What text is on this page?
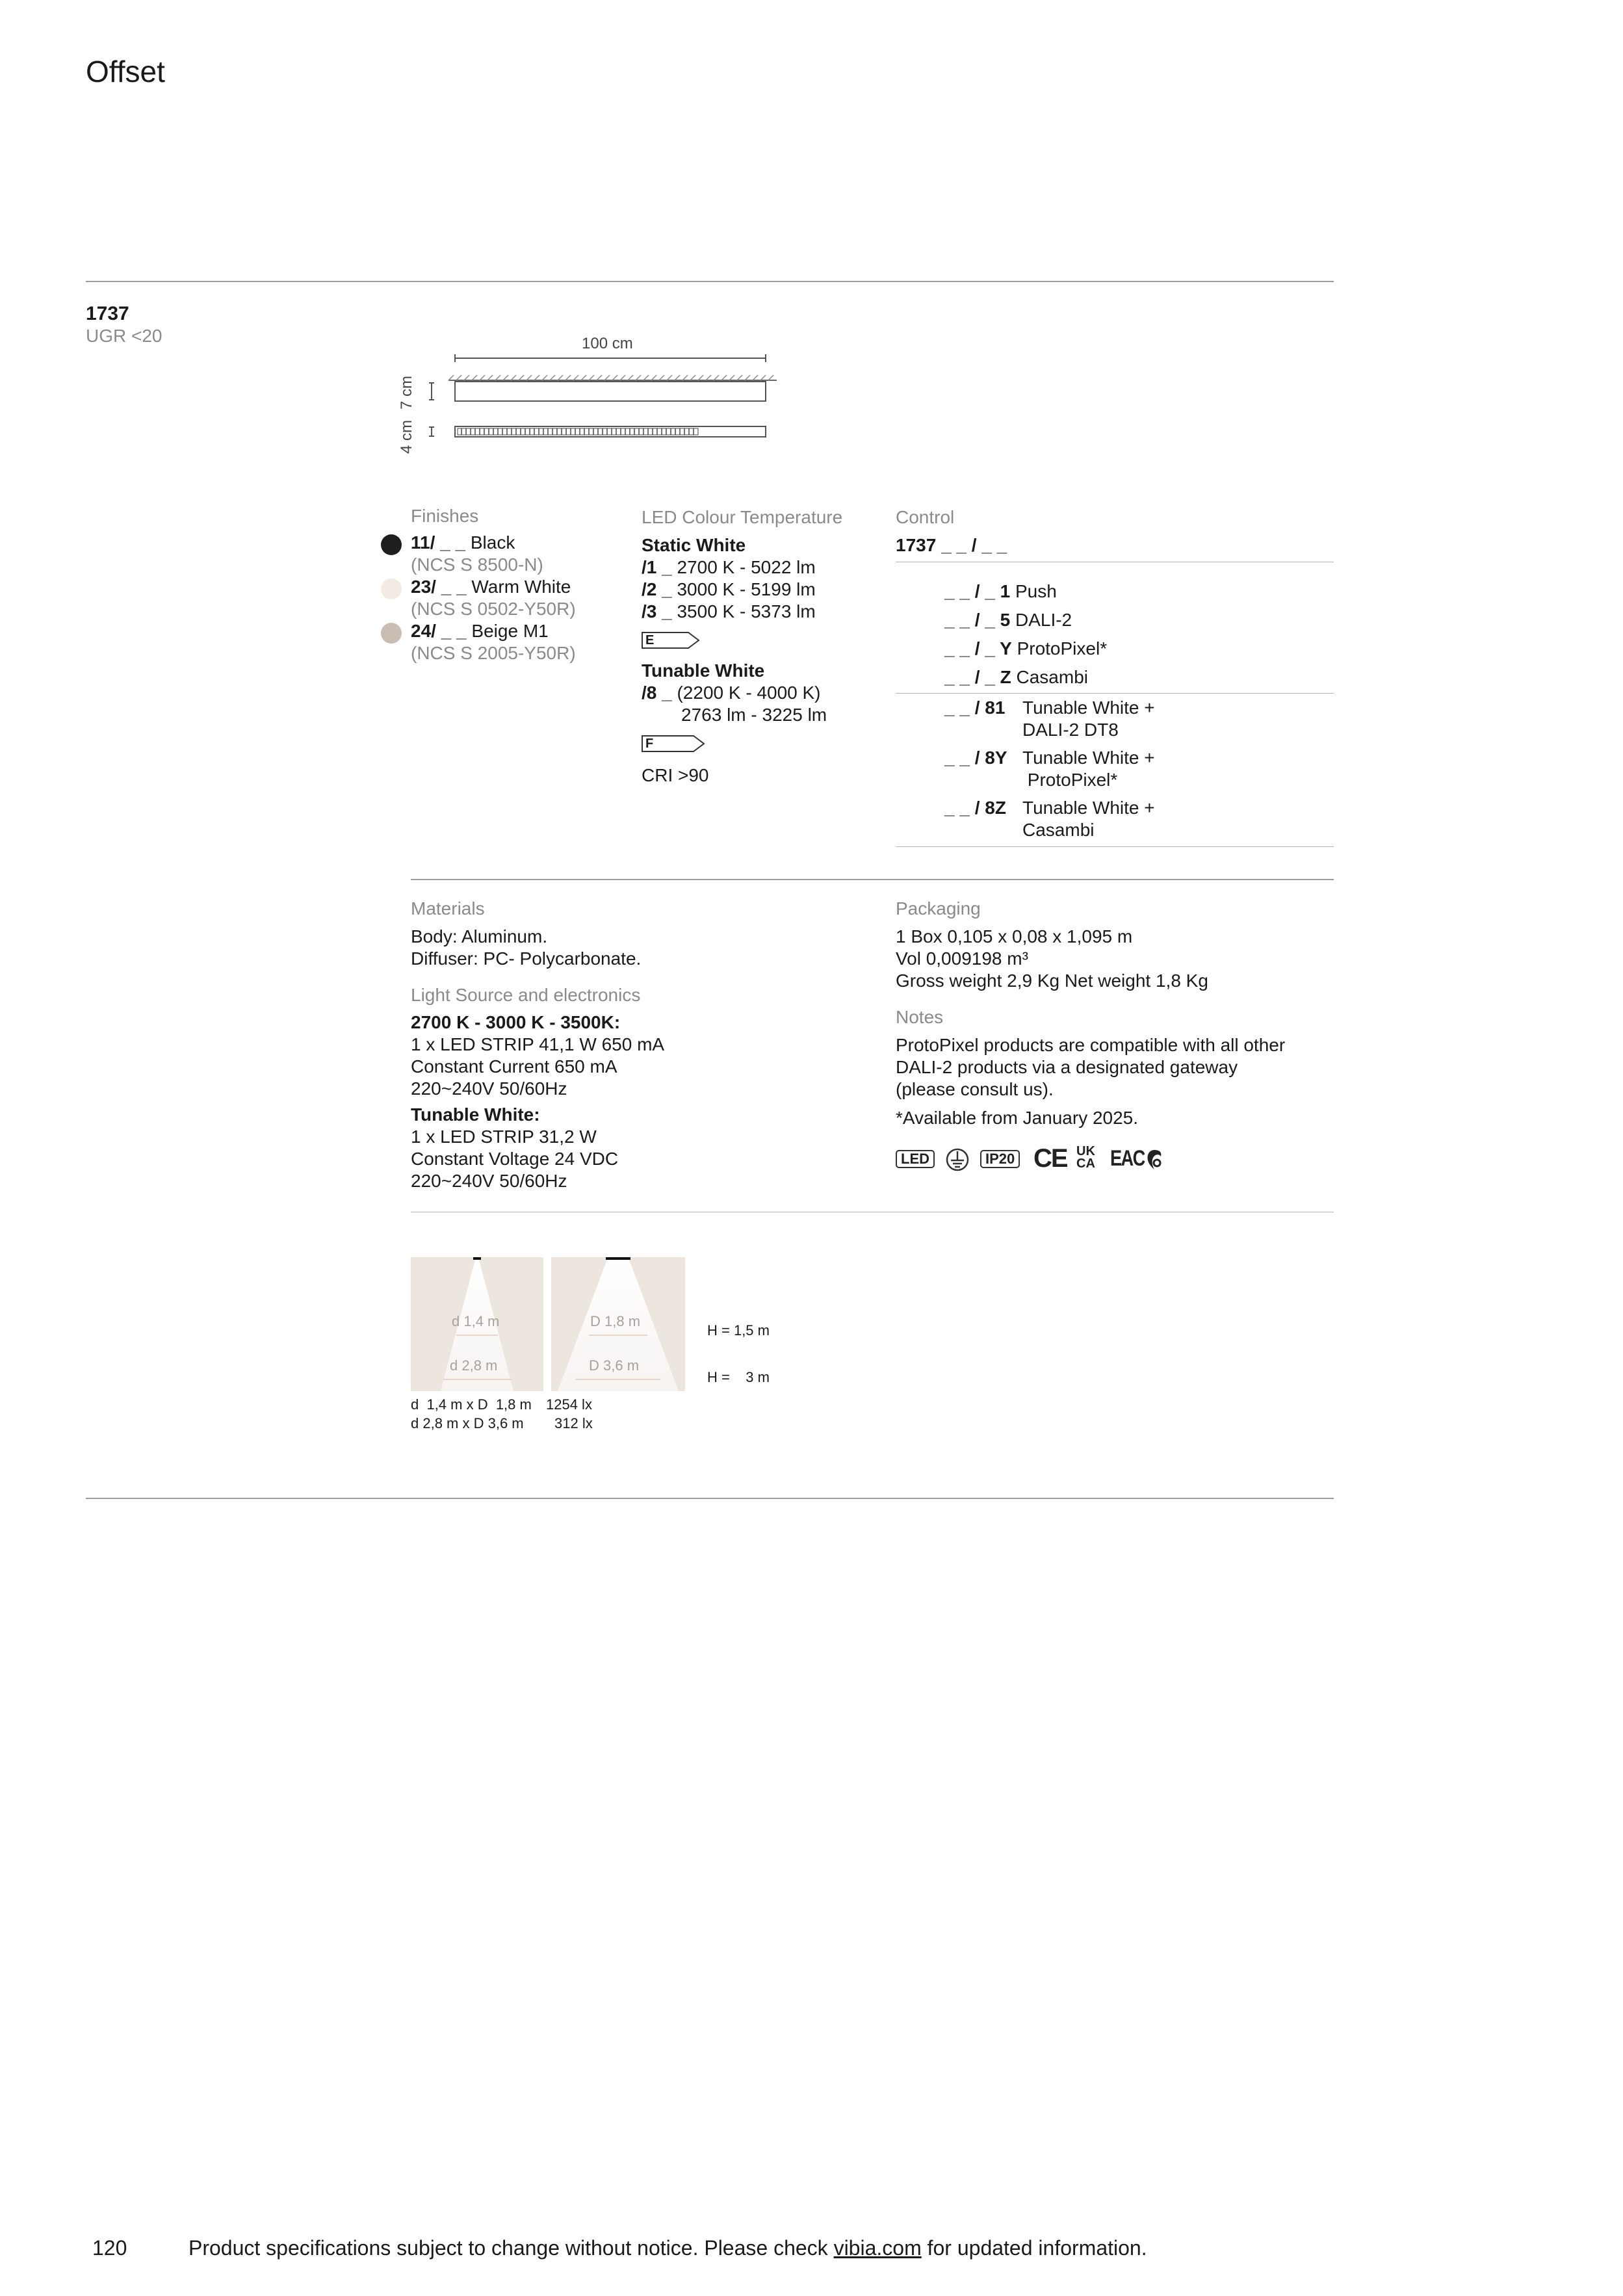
Offset
1737
UGR <20	100 cm
7 cm
4 cm
Finishes
11/ _ _ Black
(NCS S 8500-N)
23/ _ _ Warm White
(NCS S 0502-Y50R)
24/ _ _ Beige M1
(NCS S 2005-Y50R)
LED Colour Temperature
Static White
/1 _ 2700 K - 5022 lm
/2 _ 3000 K - 5199 lm
/3 _ 3500 K - 5373 lm
E
Tunable White
/8 _ (2200 K - 4000 K)
2763 lm - 3225 lm
F
CRI >90
Control
1737 _ _ / _ _
_ _ / _ 1 Push
_ _ / _ 5 DALI-2
_ _ / _ Y ProtoPixel*
_ _ / _ Z Casambi
_ _ / 81 Tunable White +
DALI-2 DT8
_ _ / 8Y Tunable White +
ProtoPixel*
_ _ / 8Z Tunable White +
Casambi
Materials
Body: Aluminum.
Diffuser: PC- Polycarbonate.
Light Source and electronics
2700 K - 3000 K - 3500K:
1 x LED STRIP 41,1 W 650 mA
Constant Current 650 mA
220~240V 50/60Hz
Tunable White:
1 x LED STRIP 31,2 W
Constant Voltage 24 VDC
220~240V 50/60Hz
Packaging
1 Box 0,105 x 0,08 x 1,095 m
Vol 0,009198 m³
Gross weight 2,9 Kg Net weight 1,8 Kg
Notes
ProtoPixel products are compatible with all other
DALI-2 products via a designated gateway
(please consult us).
*Available from January 2025.
LED	IP20 CE UK
CA EAC
d 1,4 m
d 2,8 m
D 1,8 m
D 3,6 m
H = 1,5 m
H =    3 m
d  1,4 m x D  1,8 m 1254 lx
d 2,8 m x D 3,6 m 312 lx
120	Product specifications subject to change without notice. Please check vibia.com for updated information.
